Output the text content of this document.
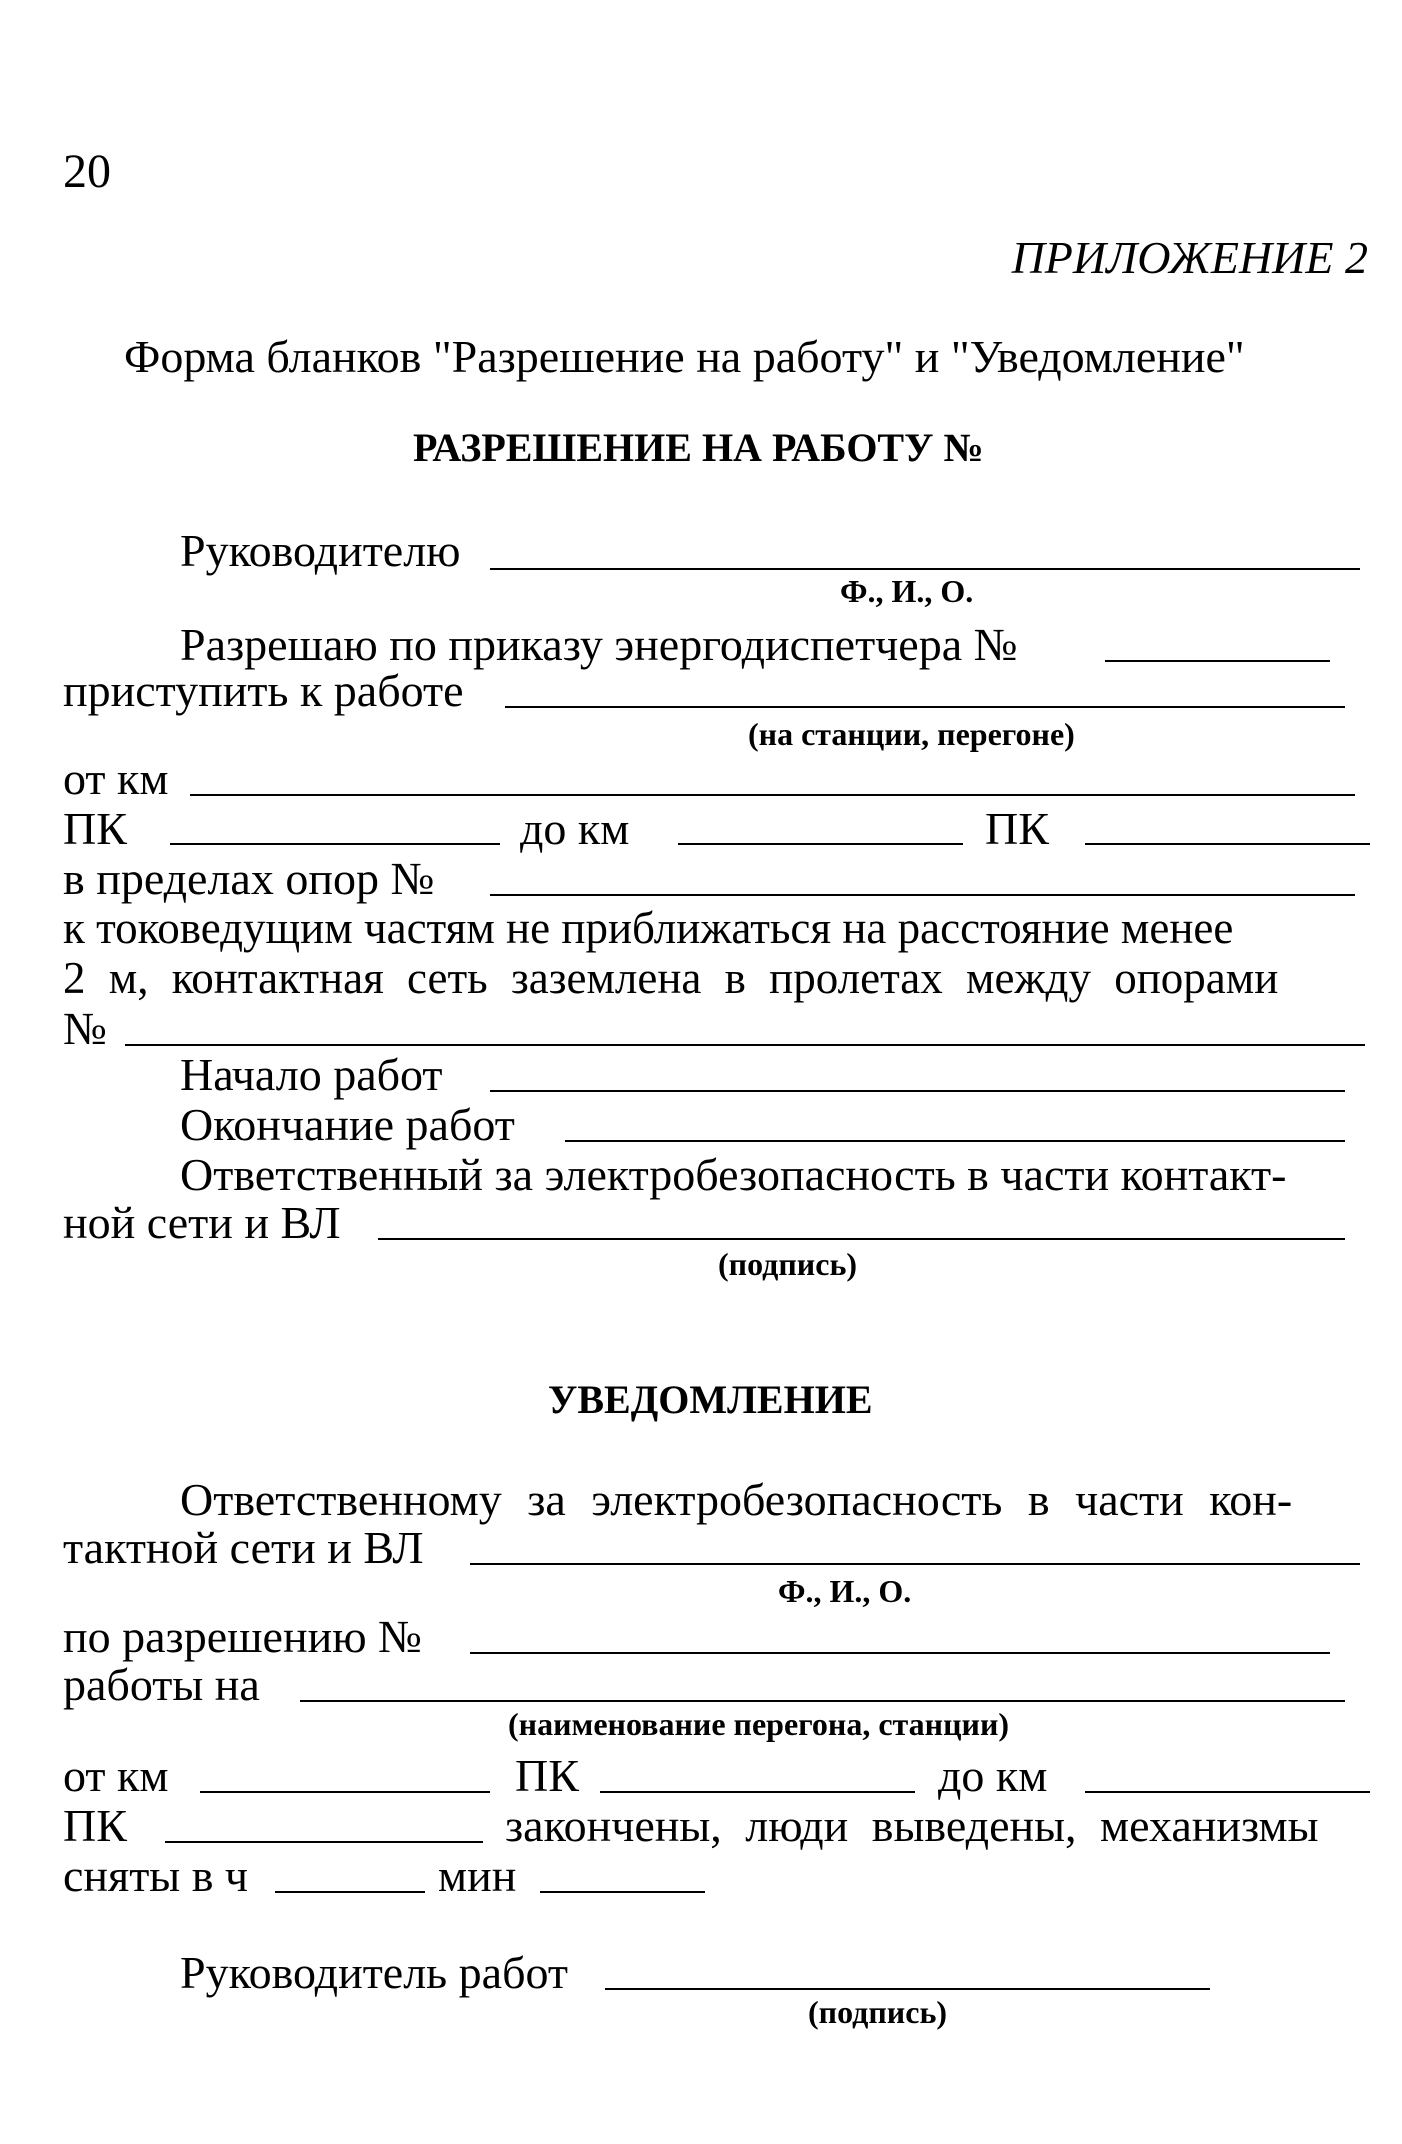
20
ПРИЛОЖЕНИЕ 2
Форма бланков "Разрешение на работу" и "Уведомление"
РАЗРЕШЕНИЕ НА РАБОТУ №
Руководителю
Ф., И., О.
Разрешаю по приказу энергодиспетчера №
приступить к работе
(на станции, перегоне)
от км
ПК	до км	ПК
в пределах опор №
к токоведущим частям не приближаться на расстояние менее
2 м, контактная сеть заземлена в пролетах между опорами
№
Начало работ
Окончание работ
Ответственный за электробезопасность в части контакт-
ной сети и ВЛ
(подпись)
УВЕДОМЛЕНИЕ
Ответственному за электробезопасность в части кон-
тактной сети и ВЛ
Ф., И., О.
по разрешению №
работы на
(наименование перегона, станции)
от км	ПК	до км
ПК	закончены, люди выведены, механизмы
сняты в ч	мин
Руководитель работ
(подпись)
